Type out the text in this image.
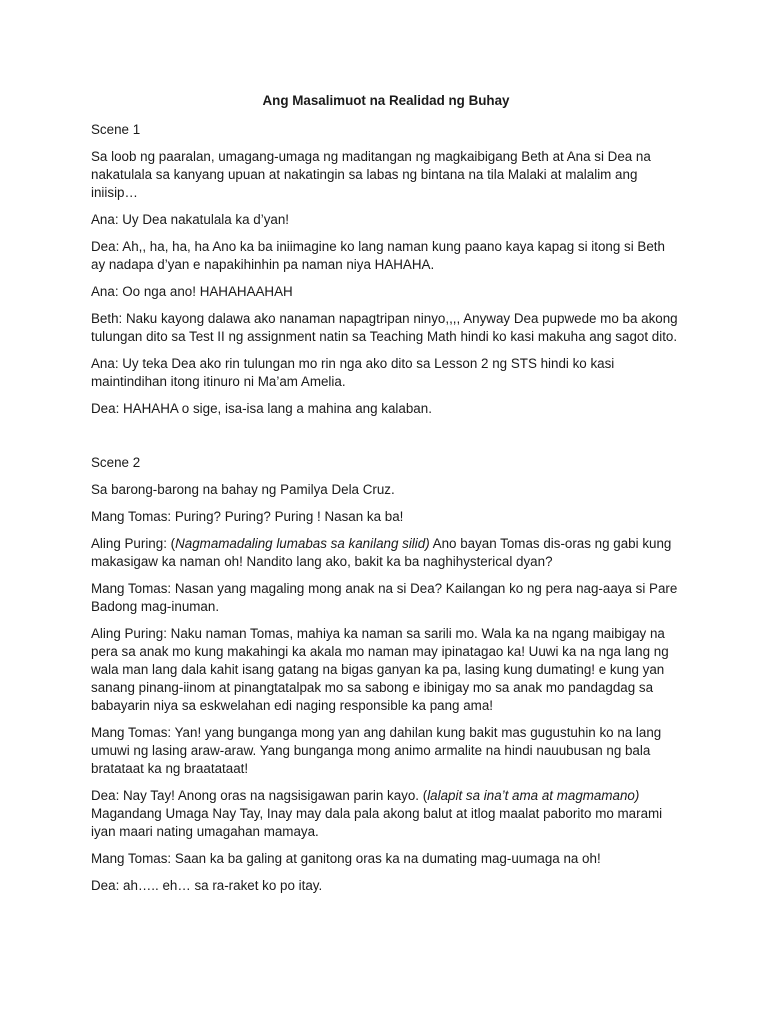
Ang Masalimuot na Realidad ng Buhay
Scene 1
Sa loob ng paaralan, umagang-umaga ng maditangan ng magkaibigang Beth at Ana si Dea na nakatulala sa kanyang upuan at nakatingin sa labas ng bintana na tila Malaki at malalim ang iniisip…
Ana: Uy Dea nakatulala ka d’yan!
Dea: Ah,, ha, ha, ha Ano ka ba iniimagine ko lang naman kung paano kaya kapag si itong si Beth ay nadapa d’yan e napakihinhin pa naman niya HAHAHA.
Ana: Oo nga ano! HAHAHAAHAH
Beth: Naku kayong dalawa ako nanaman napagtripan ninyo,,,, Anyway Dea pupwede mo ba akong tulungan dito sa Test II ng assignment natin sa Teaching Math hindi ko kasi makuha ang sagot dito.
Ana: Uy teka Dea ako rin tulungan mo rin nga ako dito sa Lesson 2 ng STS hindi ko kasi maintindihan itong itinuro ni Ma’am Amelia.
Dea: HAHAHA o sige, isa-isa lang a mahina ang kalaban.
Scene 2
Sa barong-barong na bahay ng Pamilya Dela Cruz.
Mang Tomas: Puring? Puring? Puring ! Nasan ka ba!
Aling Puring: (Nagmamadaling lumabas sa kanilang silid) Ano bayan Tomas dis-oras ng gabi kung makasigaw ka naman oh! Nandito lang ako, bakit ka ba naghihysterical dyan?
Mang Tomas: Nasan yang magaling mong anak na si Dea? Kailangan ko ng pera nag-aaya si Pare Badong mag-inuman.
Aling Puring: Naku naman Tomas, mahiya ka naman sa sarili mo. Wala ka na ngang maibigay na pera sa anak mo kung makahingi ka akala mo naman may ipinatagao ka! Uuwi ka na nga lang ng wala man lang dala kahit isang gatang na bigas ganyan ka pa, lasing kung dumating! e kung yan sanang pinang-iinom at pinangtatalpak mo sa sabong e ibinigay mo sa anak mo pandagdag sa babayarin niya sa eskwelahan edi naging responsible ka pang ama!
Mang Tomas: Yan! yang bunganga mong yan ang dahilan kung bakit mas gugustuhin ko na lang umuwi ng lasing araw-araw. Yang bunganga mong animo armalite na hindi nauubusan ng bala bratataat ka ng braatataat!
Dea: Nay Tay! Anong oras na nagsisigawan parin kayo. (lalapit sa ina’t ama at magmamano) Magandang Umaga Nay Tay, Inay may dala pala akong balut at itlog maalat paborito mo marami iyan maari nating umagahan mamaya.
Mang Tomas: Saan ka ba galing at ganitong oras ka na dumating mag-uumaga na oh!
Dea: ah….. eh… sa ra-raket ko po itay.
